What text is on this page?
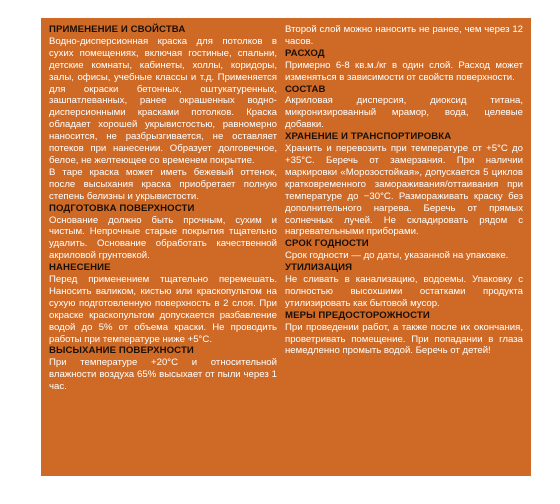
ПРИМЕНЕНИЕ И СВОЙСТВА
Водно-дисперсионная краска для потолков в сухих помещениях, включая гостиные, спальни, детские комнаты, кабинеты, холлы, коридоры, залы, офисы, учебные классы и т.д. Применяется для окраски бетонных, оштукатуренных, зашпатлеванных, ранее окрашенных водно-дисперсионными красками потолков. Краска обладает хорошей укрывистостью, равномерно наносится, не разбрызгивается, не оставляет потеков при нанесении. Образует долговечное, белое, не желтеющее со временем покрытие.
В таре краска может иметь бежевый оттенок, после высыхания краска приобретает полную степень белизны и укрывистости.
ПОДГОТОВКА ПОВЕРХНОСТИ
Основание должно быть прочным, сухим и чистым. Непрочные старые покрытия тщательно удалить. Основание обработать качественной акриловой грунтовкой.
НАНЕСЕНИЕ
Перед применением тщательно перемешать. Наносить валиком, кистью или краскопультом на сухую подготовленную поверхность в 2 слоя. При окраске краскопультом допускается разбавление водой до 5% от объема краски. Не проводить работы при температуре ниже +5°С.
ВЫСЫХАНИЕ ПОВЕРХНОСТИ
При температуре +20°С и относительной влажности воздуха 65% высыхает от пыли через 1 час.
Второй слой можно наносить не ранее, чем через 12 часов.
РАСХОД
Примерно 6-8 кв.м./кг в один слой. Расход может изменяться в зависимости от свойств поверхности.
СОСТАВ
Акриловая дисперсия, диоксид титана, микронизированный мрамор, вода, целевые добавки.
ХРАНЕНИЕ И ТРАНСПОРТИРОВКА
Хранить и перевозить при температуре от +5°С до +35°С. Беречь от замерзания. При наличии маркировки «Морозостойкая», допускается 5 циклов кратковременного замораживания/оттаивания при температуре до −30°С. Размораживать краску без дополнительного нагрева. Беречь от прямых солнечных лучей. Не складировать рядом с нагревательными приборами.
СРОК ГОДНОСТИ
Срок годности — до даты, указанной на упаковке.
УТИЛИЗАЦИЯ
Не сливать в канализацию, водоемы. Упаковку с полностью высохшими остатками продукта утилизировать как бытовой мусор.
МЕРЫ ПРЕДОСТОРОЖНОСТИ
При проведении работ, а также после их окончания, проветривать помещение. При попадании в глаза немедленно промыть водой. Беречь от детей!
